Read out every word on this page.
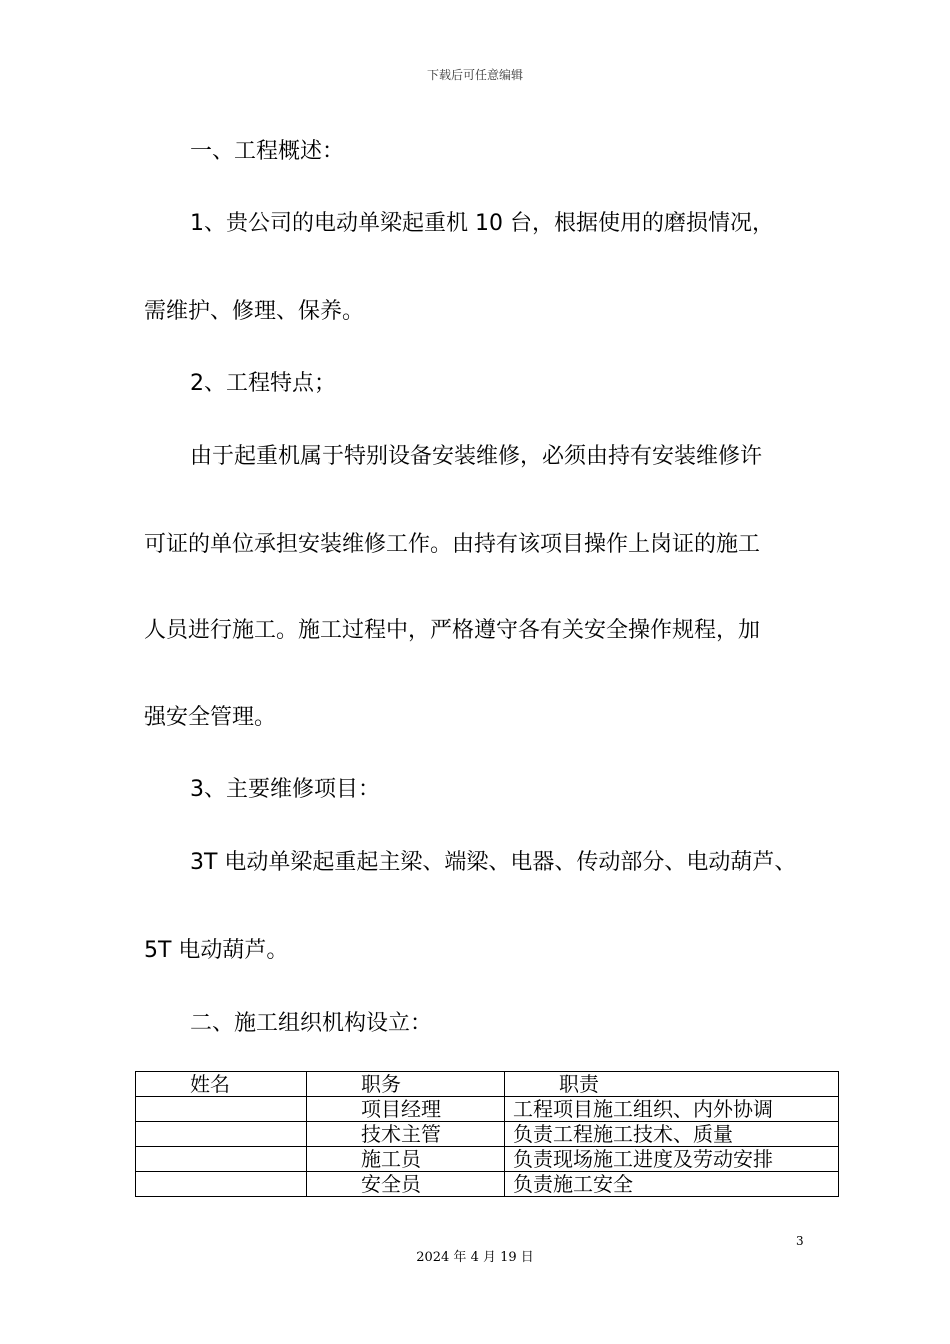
下载后可任意编辑
一、工程概述：
1、贵公司的电动单梁起重机 10 台，根据使用的磨损情况，
需维护、修理、保养。
2、工程特点；
由于起重机属于特别设备安装维修，必须由持有安装维修许
可证的单位承担安装维修工作。由持有该项目操作上岗证的施工
人员进行施工。施工过程中，严格遵守各有关安全操作规程，加
强安全管理。
3、主要维修项目：
3T 电动单梁起重起主梁、端梁、电器、传动部分、电动葫芦、
5T 电动葫芦。
二、施工组织机构设立：
姓名	职务	职责
	项目经理	工程项目施工组织、内外协调
	技术主管	负责工程施工技术、质量
	施工员	负责现场施工进度及劳动安排
	安全员	负责施工安全
3
2024 年 4 月 19 日
